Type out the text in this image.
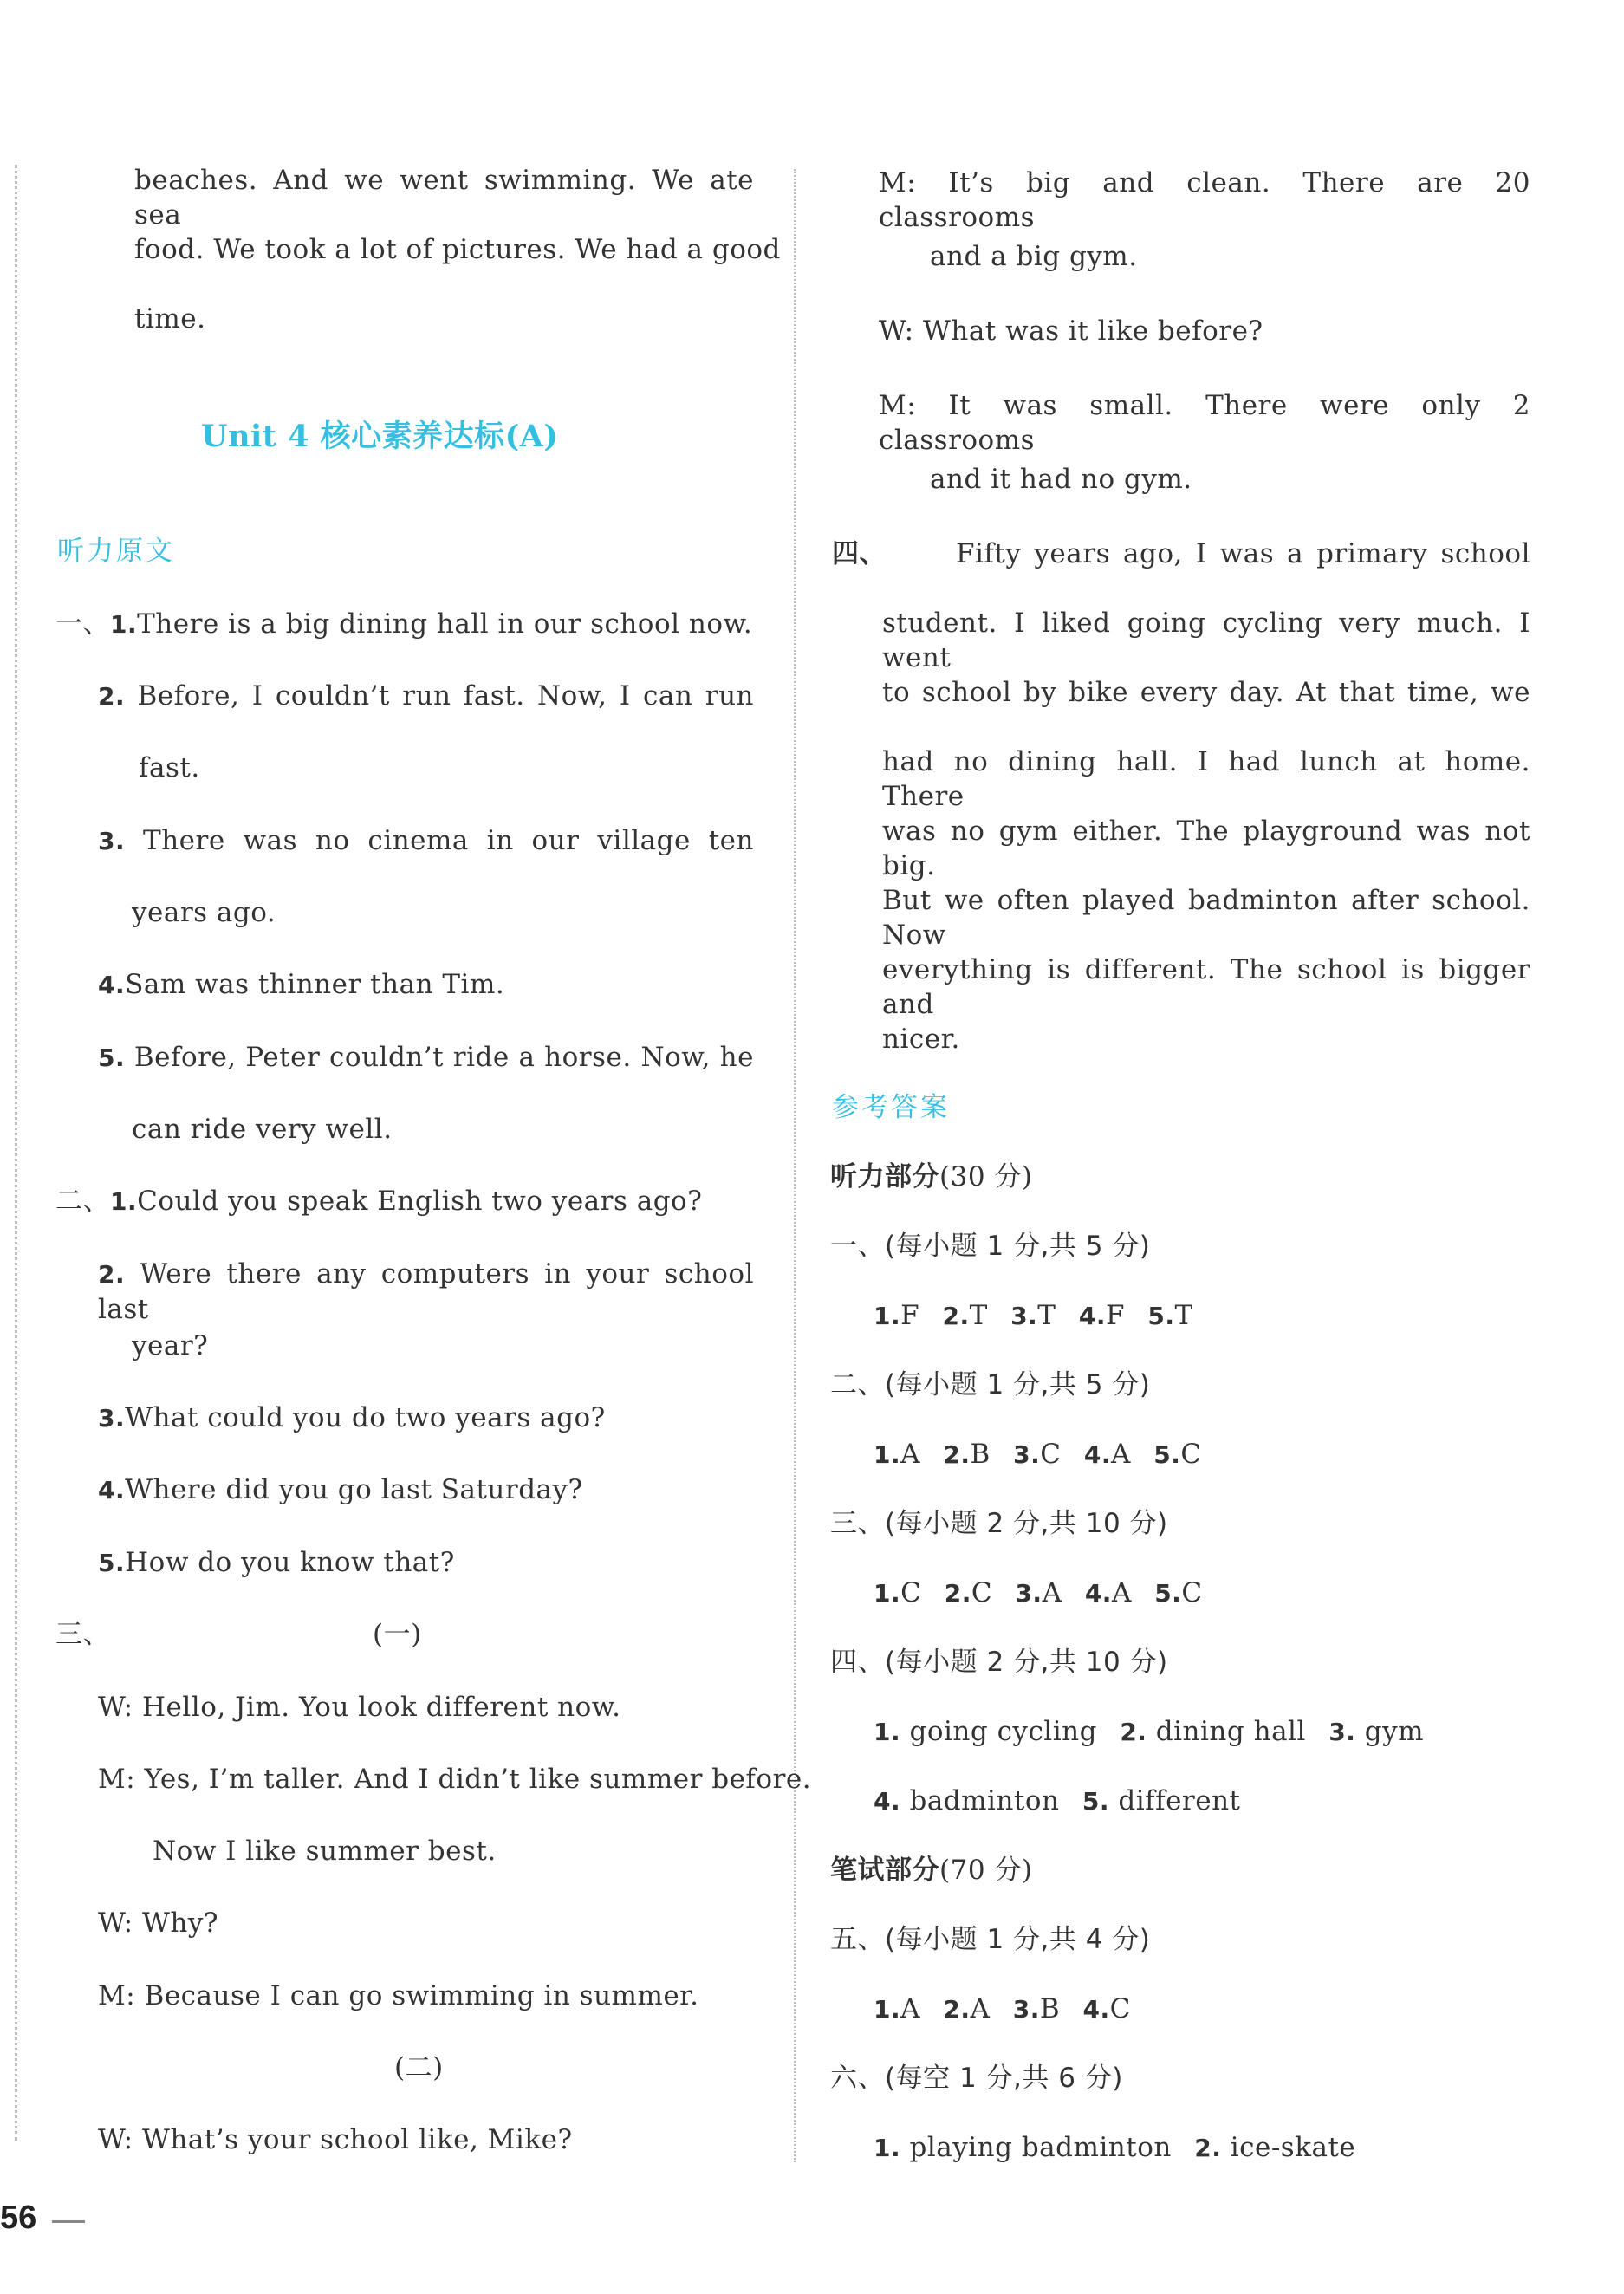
beaches. And we went swimming. We ate sea
food. We took a lot of pictures. We had a good
time.
Unit 4 核心素养达标(A)
听力原文
一、1.There is a big dining hall in our school now.
2. Before, I couldn’t run fast. Now, I can run
fast.
3. There was no cinema in our village ten
years ago.
4.Sam was thinner than Tim.
5. Before, Peter couldn’t ride a horse. Now, he
can ride very well.
二、1.Could you speak English two years ago?
2. Were there any computers in your school last
year?
3.What could you do two years ago?
4.Where did you go last Saturday?
5.How do you know that?
三、	(一)
W: Hello, Jim. You look different now.
M: Yes, I’m taller. And I didn’t like summer before.
Now I like summer best.
W: Why?
M: Because I can go swimming in summer.
(二)
W: What’s your school like, Mike?
M: It’s big and clean. There are 20 classrooms
and a big gym.
W: What was it like before?
M: It was small. There were only 2 classrooms
and it had no gym.
四、	Fifty years ago, I was a primary school
student. I liked going cycling very much. I went
to school by bike every day. At that time, we
had no dining hall. I had lunch at home. There
was no gym either. The playground was not big.
But we often played badminton after school. Now
everything is different. The school is bigger and
nicer.
参考答案
听力部分(30 分)
一、(每小题 1 分,共 5 分)
1.F 2.T 3.T 4.F 5.T
二、(每小题 1 分,共 5 分)
1.A 2.B 3.C 4.A 5.C
三、(每小题 2 分,共 10 分)
1.C 2.C 3.A 4.A 5.C
四、(每小题 2 分,共 10 分)
1. going cycling 2. dining hall 3. gym
4. badminton 5. different
笔试部分(70 分)
五、(每小题 1 分,共 4 分)
1.A 2.A 3.B 4.C
六、(每空 1 分,共 6 分)
1. playing badminton 2. ice-skate
56
